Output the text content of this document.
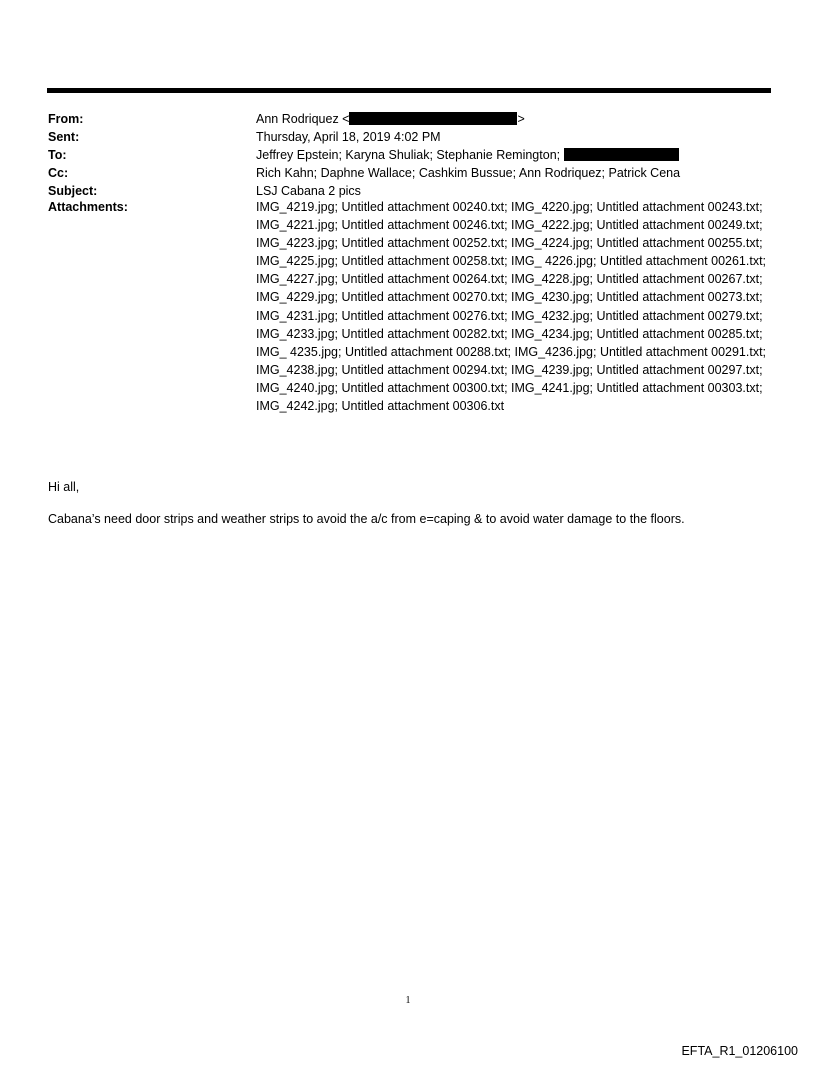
From:	Ann Rodriquez <	>
Sent:	Thursday, April 18, 2019 4:02 PM
To:	Jeffrey Epstein; Karyna Shuliak; Stephanie Remington;
Cc:	Rich Kahn; Daphne Wallace; Cashkim Bussue; Ann Rodriquez; Patrick Cena
Subject:	LSJ Cabana 2 pics
Attachments:	IMG_4219.jpg; Untitled attachment 00240.txt; IMG_4220.jpg; Untitled attachment 00243.txt; IMG_4221.jpg; Untitled attachment 00246.txt; IMG_4222.jpg; Untitled attachment 00249.txt; IMG_4223.jpg; Untitled attachment 00252.txt; IMG_4224.jpg; Untitled attachment 00255.txt; IMG_4225.jpg; Untitled attachment 00258.txt; IMG_ 4226.jpg; Untitled attachment 00261.txt; IMG_4227.jpg; Untitled attachment 00264.txt; IMG_4228.jpg; Untitled attachment 00267.txt; IMG_4229.jpg; Untitled attachment 00270.txt; IMG_4230.jpg; Untitled attachment 00273.txt; IMG_4231.jpg; Untitled attachment 00276.txt; IMG_4232.jpg; Untitled attachment 00279.txt; IMG_4233.jpg; Untitled attachment 00282.txt; IMG_4234.jpg; Untitled attachment 00285.txt; IMG_ 4235.jpg; Untitled attachment 00288.txt; IMG_4236.jpg; Untitled attachment 00291.txt; IMG_4238.jpg; Untitled attachment 00294.txt; IMG_4239.jpg; Untitled attachment 00297.txt; IMG_4240.jpg; Untitled attachment 00300.txt; IMG_4241.jpg; Untitled attachment 00303.txt; IMG_4242.jpg; Untitled attachment 00306.txt
Hi all,
Cabana’s need door strips and weather strips to avoid the a/c from e=caping & to avoid water damage to the floors.
1
EFTA_R1_01206100
